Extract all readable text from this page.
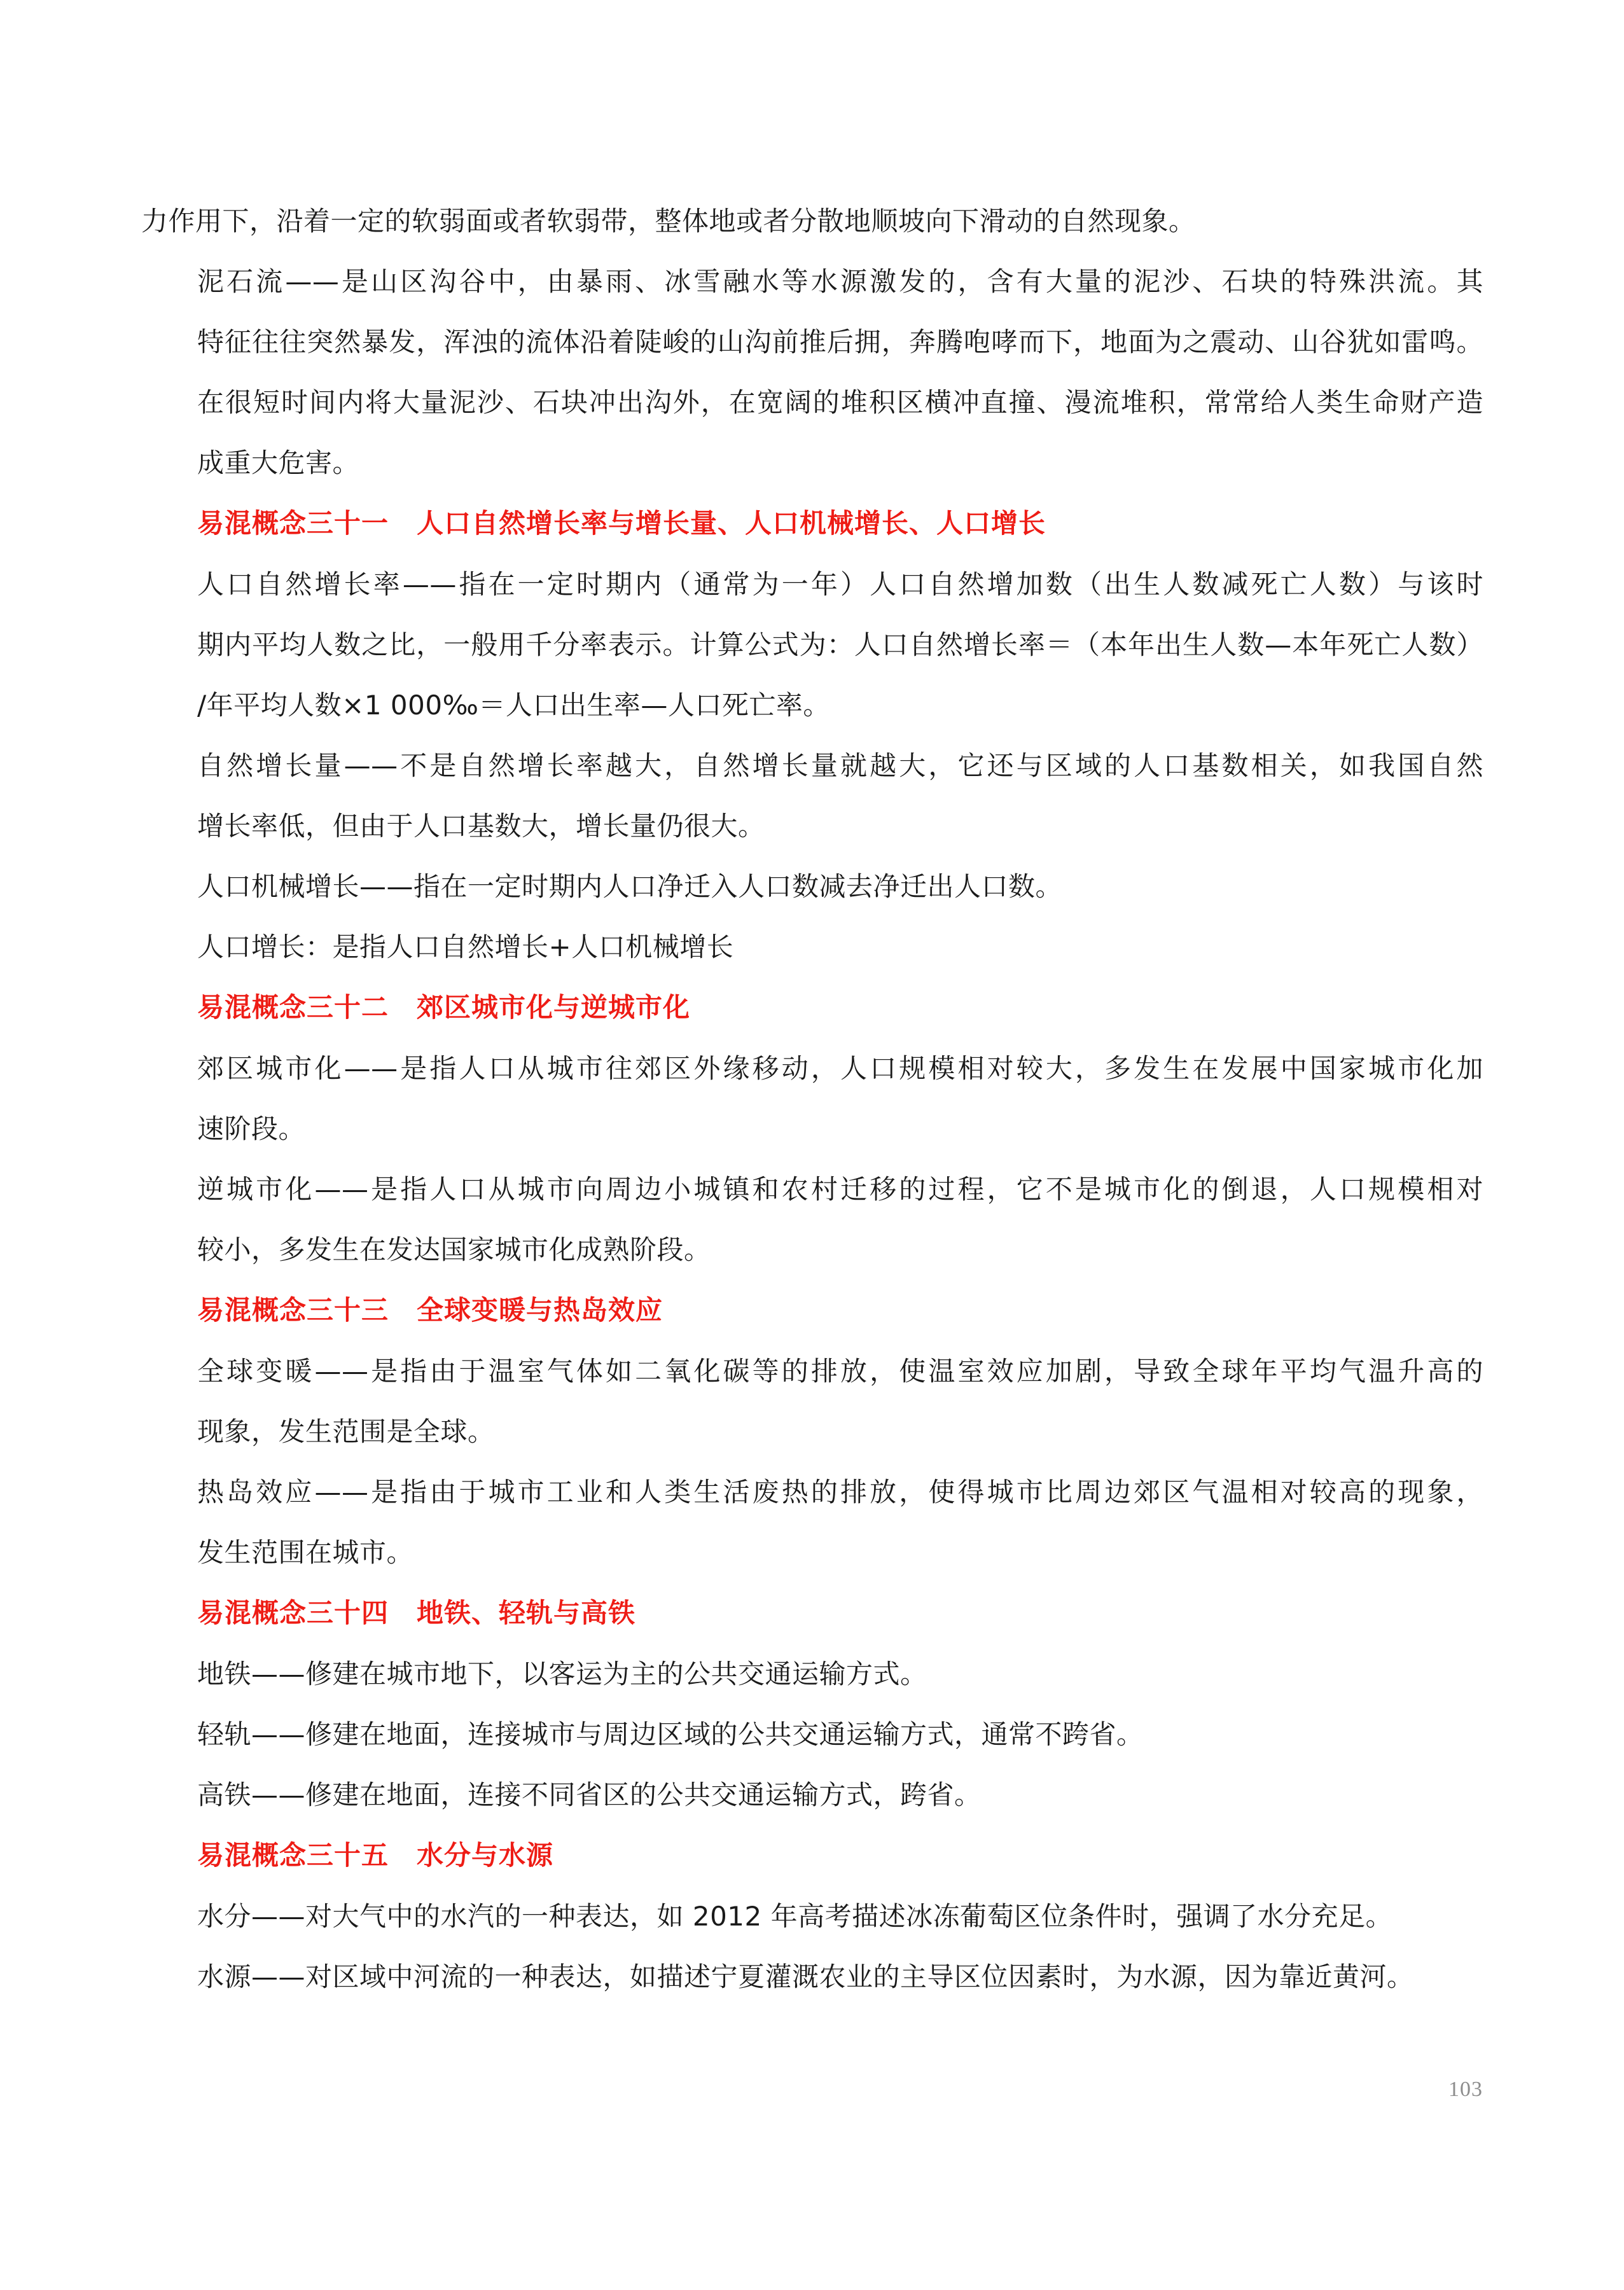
力作用下，沿着一定的软弱面或者软弱带，整体地或者分散地顺坡向下滑动的自然现象。
泥石流——是山区沟谷中，由暴雨、冰雪融水等水源激发的，含有大量的泥沙、石块的特殊洪流。其
特征往往突然暴发，浑浊的流体沿着陡峻的山沟前推后拥，奔腾咆哮而下，地面为之震动、山谷犹如雷鸣。
在很短时间内将大量泥沙、石块冲出沟外，在宽阔的堆积区横冲直撞、漫流堆积，常常给人类生命财产造
成重大危害。
易混概念三十一 人口自然增长率与增长量、人口机械增长、人口增长
人口自然增长率——指在一定时期内（通常为一年）人口自然增加数（出生人数减死亡人数）与该时
期内平均人数之比，一般用千分率表示。计算公式为：人口自然增长率＝（本年出生人数—本年死亡人数）
/年平均人数×1 000‰＝人口出生率—人口死亡率。
自然增长量——不是自然增长率越大，自然增长量就越大，它还与区域的人口基数相关，如我国自然
增长率低，但由于人口基数大，增长量仍很大。
人口机械增长——指在一定时期内人口净迁入人口数减去净迁出人口数。
人口增长：是指人口自然增长+人口机械增长
易混概念三十二 郊区城市化与逆城市化
郊区城市化——是指人口从城市往郊区外缘移动，人口规模相对较大，多发生在发展中国家城市化加
速阶段。
逆城市化——是指人口从城市向周边小城镇和农村迁移的过程，它不是城市化的倒退，人口规模相对
较小，多发生在发达国家城市化成熟阶段。
易混概念三十三 全球变暖与热岛效应
全球变暖——是指由于温室气体如二氧化碳等的排放，使温室效应加剧，导致全球年平均气温升高的
现象，发生范围是全球。
热岛效应——是指由于城市工业和人类生活废热的排放，使得城市比周边郊区气温相对较高的现象，
发生范围在城市。
易混概念三十四 地铁、轻轨与高铁
地铁——修建在城市地下，以客运为主的公共交通运输方式。
轻轨——修建在地面，连接城市与周边区域的公共交通运输方式，通常不跨省。
高铁——修建在地面，连接不同省区的公共交通运输方式，跨省。
易混概念三十五 水分与水源
水分——对大气中的水汽的一种表达，如 2012 年高考描述冰冻葡萄区位条件时，强调了水分充足。
水源——对区域中河流的一种表达，如描述宁夏灌溉农业的主导区位因素时，为水源，因为靠近黄河。
103
